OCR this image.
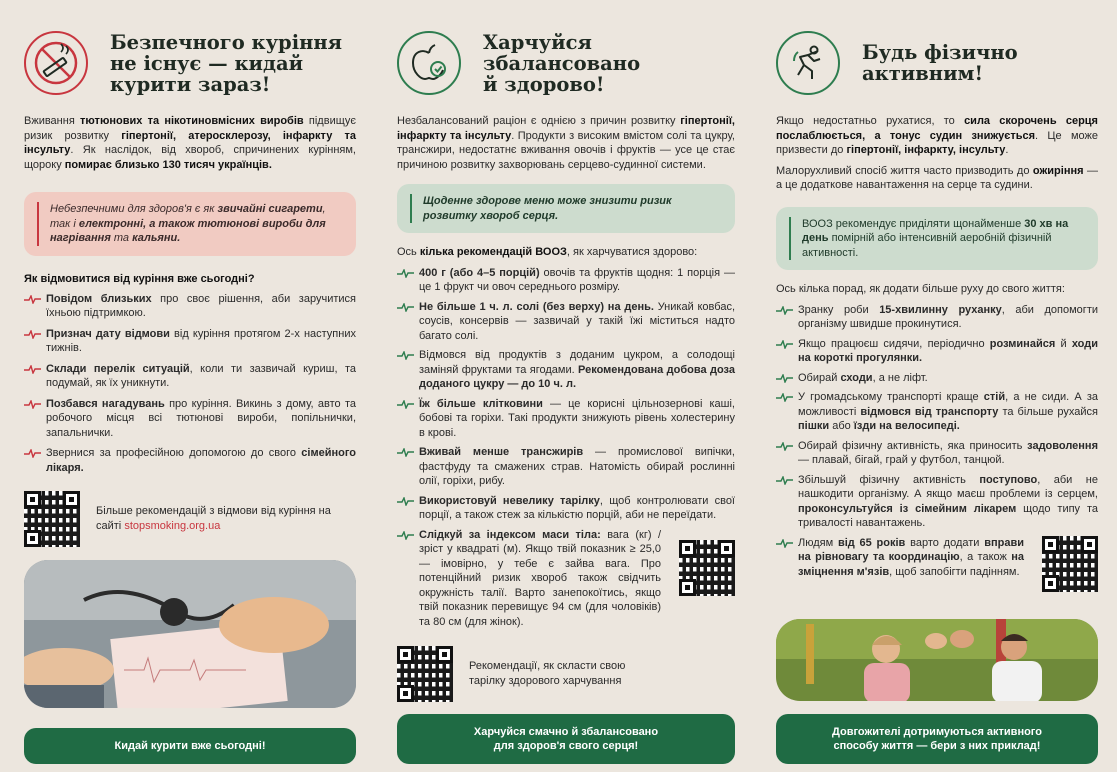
Безпечного куріння
не існує — кидай
курити зараз!

Вживання тютюнових та нікотиновмісних виробів підвищує ризик розвитку гіпертонії, атеросклерозу, інфаркту та інсульту. Як наслідок, від хвороб, спричинених курінням, щороку помирає близько 130 тисяч українців.

Небезпечними для здоров'я є як звичайні сигарети, так і електронні, а також тютюнові вироби для нагрівання та кальяни.
Як відмовитися від куріння вже сьогодні?
Повідом близьких про своє рішення, аби заручитися їхньою підтримкою.
Признач дату відмови від куріння протягом 2-х наступних тижнів.
Склади перелік ситуацій, коли ти зазвичай куриш, та подумай, як їх уникнути.
Позбався нагадувань про куріння. Викинь з дому, авто та робочого місця всі тютюнові вироби, попільнички, запальнички.
Звернися за професійною допомогою до свого сімейного лікаря.
Більше рекомендацій з відмови від куріння на сайті stopsmoking.org.ua
Кидай курити вже сьогодні!
Харчуйся збалансовано
й здорово!

Незбалансований раціон є однією з причин розвитку гіпертонії, інфаркту та інсульту. Продукти з високим вмістом солі та цукру, трансжири, недостатнє вживання овочів і фруктів — усе це стає причиною розвитку захворювань серцево-судинної системи.

Щоденне здорове меню може знизити ризик розвитку хвороб серця.

Ось кілька рекомендацій ВООЗ, як харчуватися здорово:

400 г (або 4–5 порцій) овочів та фруктів щодня: 1 порція — це 1 фрукт чи овоч середнього розміру.
Не більше 1 ч. л. солі (без верху) на день. Уникай ковбас, соусів, консервів — зазвичай у такій їжі міститься надто багато солі.
Відмовся від продуктів з доданим цукром, а солодощі заміняй фруктами та ягодами. Рекомендована добова доза доданого цукру — до 10 ч. л.
Їж більше клітковини — це корисні цільнозернові каші, бобові та горіхи. Такі продукти знижують рівень холестерину в крові.
Вживай менше трансжирів — промислової випічки, фастфуду та смажених страв. Натомість обирай рослинні олії, горіхи, рибу.
Використовуй невелику тарілку, щоб контролювати свої порції, а також стеж за кількістю порцій, аби не переїдати.
Слідкуй за індексом маси тіла: вага (кг) / зріст у квадраті (м). Якщо твій показник ≥ 25,0 — імовірно, у тебе є зайва вага. Про потенційний ризик хвороб також свідчить окружність талії. Варто занепокоїтись, якщо твій показник перевищує 94 см (для чоловіків) та 80 см (для жінок).
Рекомендації, як скласти свою тарілку здорового харчування
Харчуйся смачно й збалансовано
для здоров'я свого серця!
Будь фізично
активним!

Якщо недостатньо рухатися, то сила скорочень серця послаблюється, а тонус судин знижується. Це може призвести до гіпертонії, інфаркту, інсульту.

Малорухливий спосіб життя часто призводить до ожиріння — а це додаткове навантаження на серце та судини.

ВООЗ рекомендує приділяти щонайменше 30 хв на день помірній або інтенсивній аеробній фізичній активності.

Ось кілька порад, як додати більше руху до свого життя:

Зранку роби 15-хвилинну руханку, аби допомогти організму швидше прокинутися.
Якщо працюєш сидячи, періодично розминайся й ходи на короткі прогулянки.
Обирай сходи, а не ліфт.
У громадському транспорті краще стій, а не сиди. А за можливості відмовся від транспорту та більше рухайся пішки або їзди на велосипеді.
Обирай фізичну активність, яка приносить задоволення — плавай, бігай, грай у футбол, танцюй.
Збільшуй фізичну активність поступово, аби не нашкодити організму. А якщо маєш проблеми із серцем, проконсультуйся із сімейним лікарем щодо типу та тривалості навантажень.
Людям від 65 років варто додати вправи на рівновагу та координацію, а також на зміцнення м'язів, щоб запобігти падінням.
Довгожителі дотримуються активного
способу життя — бери з них приклад!
